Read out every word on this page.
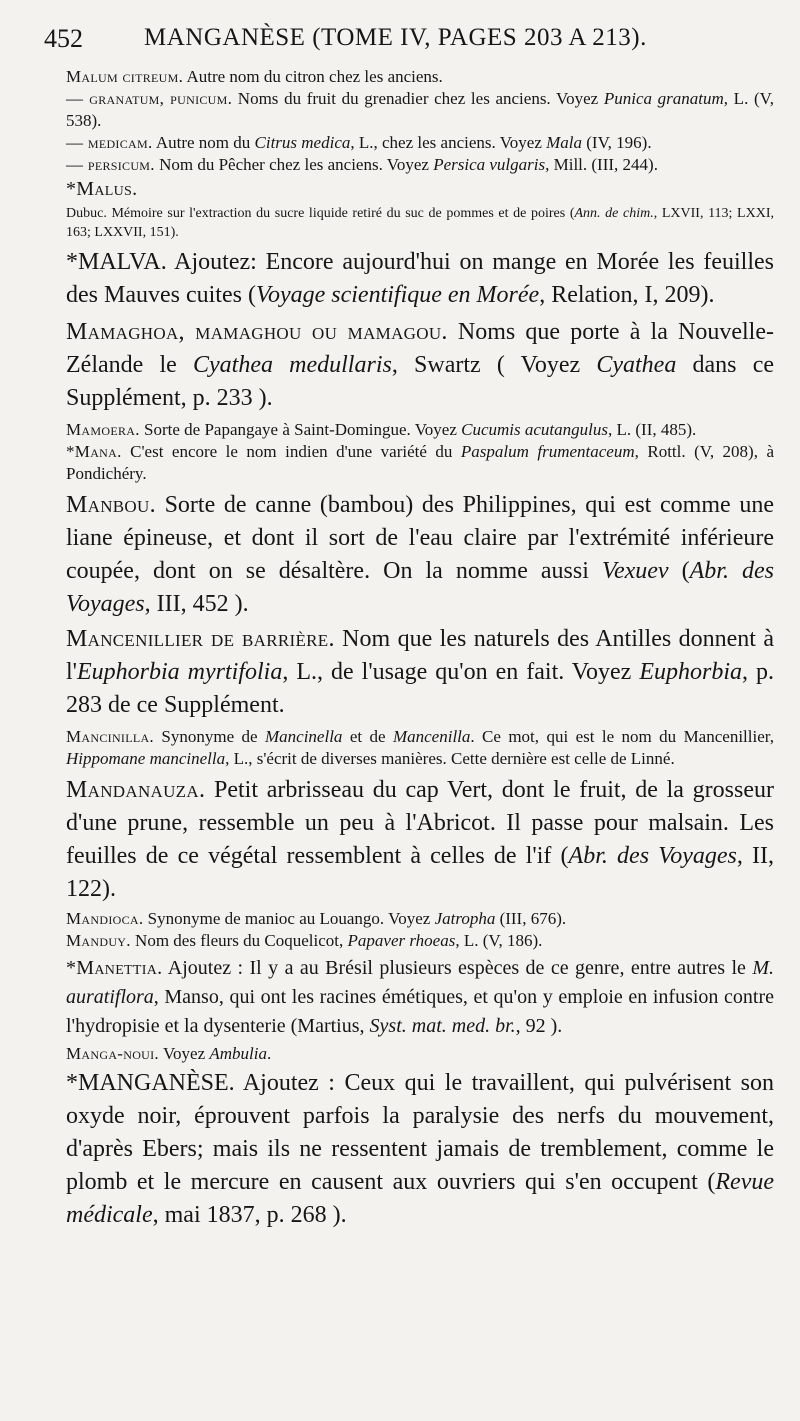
452 MANGANÈSE (TOME IV, PAGES 203 A 213).

Malum citreum. Autre nom du citron chez les anciens.

— granatum, punicum. Noms du fruit du grenadier chez les anciens. Voyez Punica granatum, L. (V, 538).

— medicam. Autre nom du Citrus medica, L., chez les anciens. Voyez Mala (IV, 196).

— persicum. Nom du Pêcher chez les anciens. Voyez Persica vulgaris, Mill. (III, 244).

*Malus.

Dubuc. Mémoire sur l'extraction du sucre liquide retiré du suc de pommes et de poires (Ann. de chim., LXVII, 113; LXXI, 163; LXXVII, 151).

*MALVA. Ajoutez: Encore aujourd'hui on mange en Morée les feuilles des Mauves cuites (Voyage scientifique en Morée, Relation, I, 209).

Mamaghoa, mamaghou ou mamagou. Noms que porte à la Nouvelle-Zélande le Cyathea medullaris, Swartz ( Voyez Cyathea dans ce Supplément, p. 233 ).

Mamoera. Sorte de Papangaye à Saint-Domingue. Voyez Cucumis acutangulus, L. (II, 485).

*Mana. C'est encore le nom indien d'une variété du Paspalum frumentaceum, Rottl. (V, 208), à Pondichéry.

Manbou. Sorte de canne (bambou) des Philippines, qui est comme une liane épineuse, et dont il sort de l'eau claire par l'extrémité inférieure coupée, dont on se désaltère. On la nomme aussi Vexuev (Abr. des Voyages, III, 452 ).

Mancenillier de barrière. Nom que les naturels des Antilles donnent à l'Euphorbia myrtifolia, L., de l'usage qu'on en fait. Voyez Euphorbia, p. 283 de ce Supplément.

Mancinilla. Synonyme de Mancinella et de Mancenilla. Ce mot, qui est le nom du Mancenillier, Hippomane mancinella, L., s'écrit de diverses manières. Cette dernière est celle de Linné.

Mandanauza. Petit arbrisseau du cap Vert, dont le fruit, de la grosseur d'une prune, ressemble un peu à l'Abricot. Il passe pour malsain. Les feuilles de ce végétal ressemblent à celles de l'if (Abr. des Voyages, II, 122).

Mandioca. Synonyme de manioc au Louango. Voyez Jatropha (III, 676).

Manduy. Nom des fleurs du Coquelicot, Papaver rhoeas, L. (V, 186).

*Manettia. Ajoutez : Il y a au Brésil plusieurs espèces de ce genre, entre autres le M. auratiflora, Manso, qui ont les racines émétiques, et qu'on y emploie en infusion contre l'hydropisie et la dysenterie (Martius, Syst. mat. med. br., 92 ).

Manga-noui. Voyez Ambulia.

*MANGANÈSE. Ajoutez : Ceux qui le travaillent, qui pulvérisent son oxyde noir, éprouvent parfois la paralysie des nerfs du mouvement, d'après Ebers; mais ils ne ressentent jamais de tremblement, comme le plomb et le mercure en causent aux ouvriers qui s'en occupent (Revue médicale, mai 1837, p. 268 ).
